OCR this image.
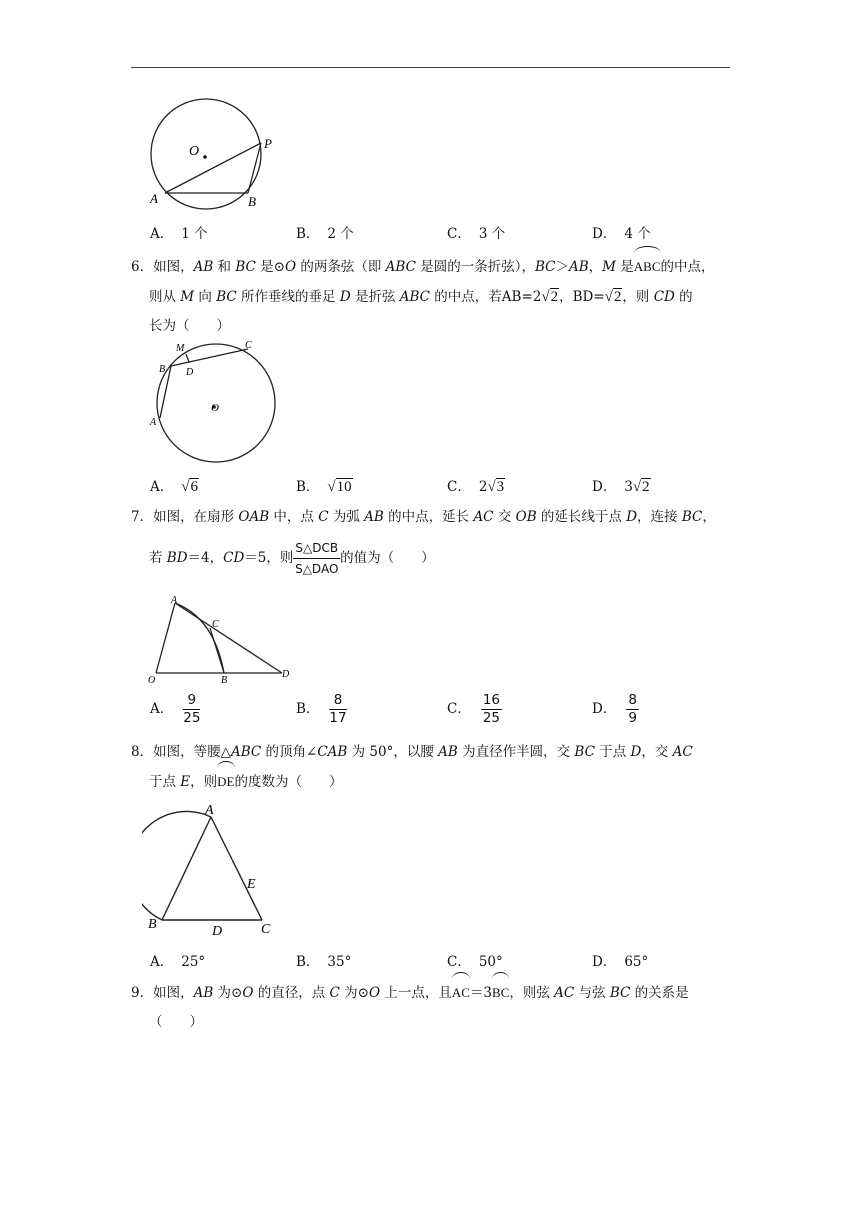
O
P
A	B
A． 1 个	B． 2 个	C． 3 个	D． 4 个
6．如图，AB 和 BC 是⊙O 的两条弦（即 ABC 是圆的一条折弦），BC＞AB，M 是ABC的中点，
则从 M 向 BC 所作垂线的垂足 D 是折弦 ABC 的中点，若AB=2√2，BD=√2，则 CD 的
长为（　　）
M	C
B D
O
A
A． √6	B． √10	C． 2√3	D． 3√2
7．如图，在扇形 OAB 中，点 C 为弧 AB 的中点，延长 AC 交 OB 的延长线于点 D，连接 BC，
若 BD＝4，CD＝5，则
S△DCB
S△DAO
的值为（　　）
A
C
O	B
D
A． $\frac{9}{25}$	B． $\frac{8}{17}$	C． $\frac{16}{25}$	D． $\frac{8}{9}$
8．如图，等腰△ABC 的顶角∠CAB 为 50°，以腰 AB 为直径作半圆，交 BC 于点 D，交 AC
于点 E，则DE的度数为（　　）
A
E
B	D	C
A． 25°	B． 35°	C． 50°	D． 65°
9．如图，AB 为⊙O 的直径，点 C 为⊙O 上一点，且AC＝3BC，则弦 AC 与弦 BC 的关系是
（　　）
